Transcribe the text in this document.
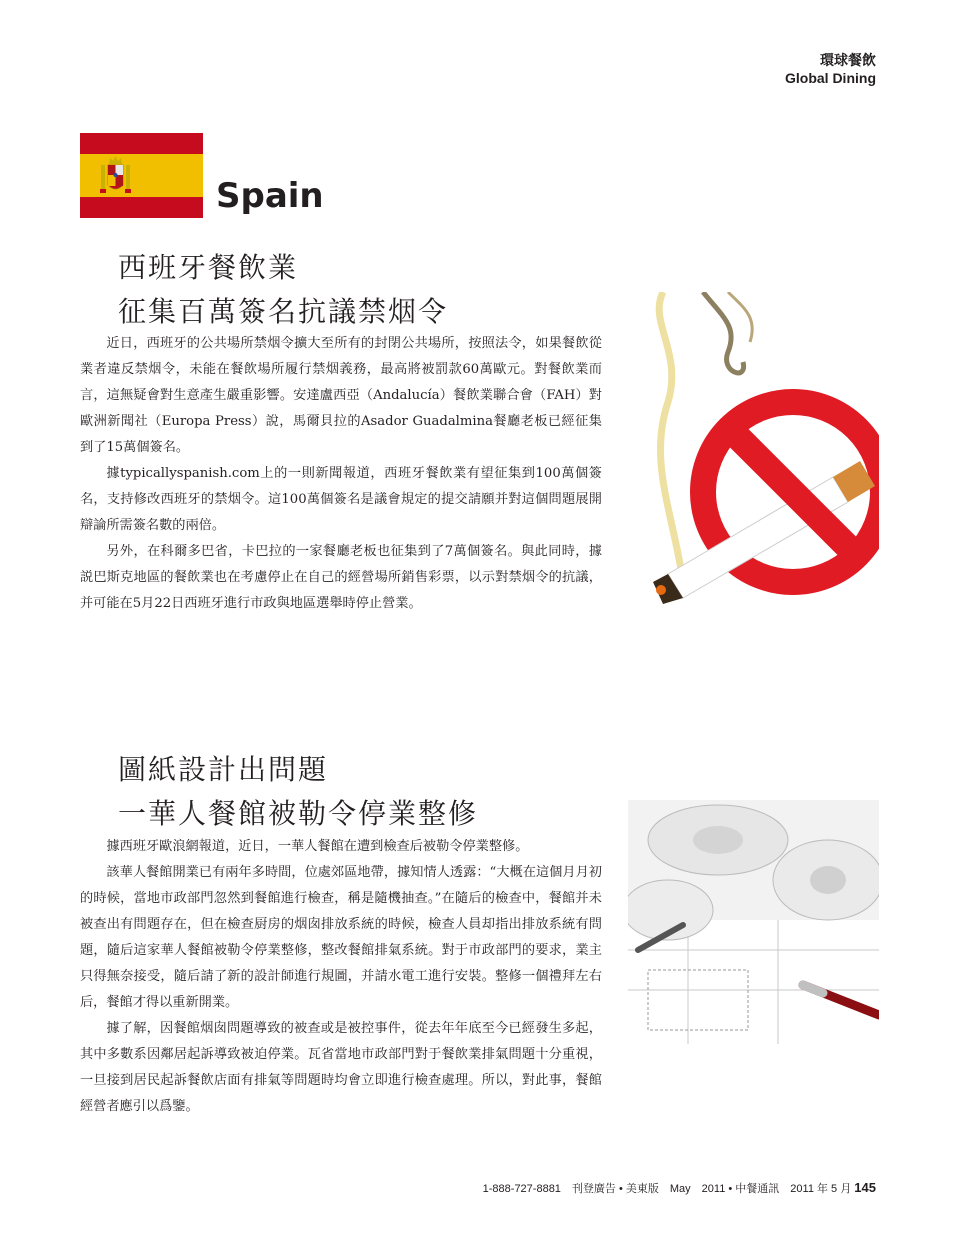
環球餐飲
Global Dining
Spain
西班牙餐飲業
征集百萬簽名抗議禁烟令

近日，西班牙的公共場所禁烟令擴大至所有的封閉公共場所，按照法令，如果餐飲從業者違反禁烟令，未能在餐飲場所履行禁烟義務，最高將被罰款60萬歐元。對餐飲業而言，這無疑會對生意產生嚴重影響。安達盧西亞（Andalucía）餐飲業聯合會（FAH）對歐洲新聞社（Europa Press）說，馬爾貝拉的Asador Guadalmina餐廳老板已經征集到了15萬個簽名。

據typicallyspanish.com上的一則新聞報道，西班牙餐飲業有望征集到100萬個簽名，支持修改西班牙的禁烟令。這100萬個簽名是議會規定的提交請願并對這個問題展開辯論所需簽名數的兩倍。

另外，在科爾多巴省，卡巴拉的一家餐廳老板也征集到了7萬個簽名。與此同時，據説巴斯克地區的餐飲業也在考慮停止在自己的經營場所銷售彩票，以示對禁烟令的抗議，并可能在5月22日西班牙進行市政與地區選舉時停止營業。

圖紙設計出問題
一華人餐館被勒令停業整修

據西班牙歐浪網報道，近日，一華人餐館在遭到檢查后被勒令停業整修。

該華人餐館開業已有兩年多時間，位處郊區地帶，據知情人透露：“大概在這個月月初的時候，當地市政部門忽然到餐館進行檢查，稱是隨機抽查。”在隨后的檢查中，餐館并未被查出有問題存在，但在檢查厨房的烟囱排放系統的時候，檢查人員却指出排放系統有問題，隨后這家華人餐館被勒令停業整修，整改餐館排氣系統。對于市政部門的要求，業主只得無奈接受，隨后請了新的設計師進行規圖，并請水電工進行安裝。整修一個禮拜左右后，餐館才得以重新開業。

據了解，因餐館烟囱問題導致的被查或是被控事件，從去年年底至今已經發生多起，其中多數系因鄰居起訴導致被迫停業。瓦省當地市政部門對于餐飲業排氣問題十分重視，一旦接到居民起訴餐飲店面有排氣等問題時均會立即進行檢查處理。所以，對此事，餐館經營者應引以爲鑒。

1-888-727-8881　刊登廣告 • 美東版　May　2011 • 中餐通訊　2011 年 5 月 145
